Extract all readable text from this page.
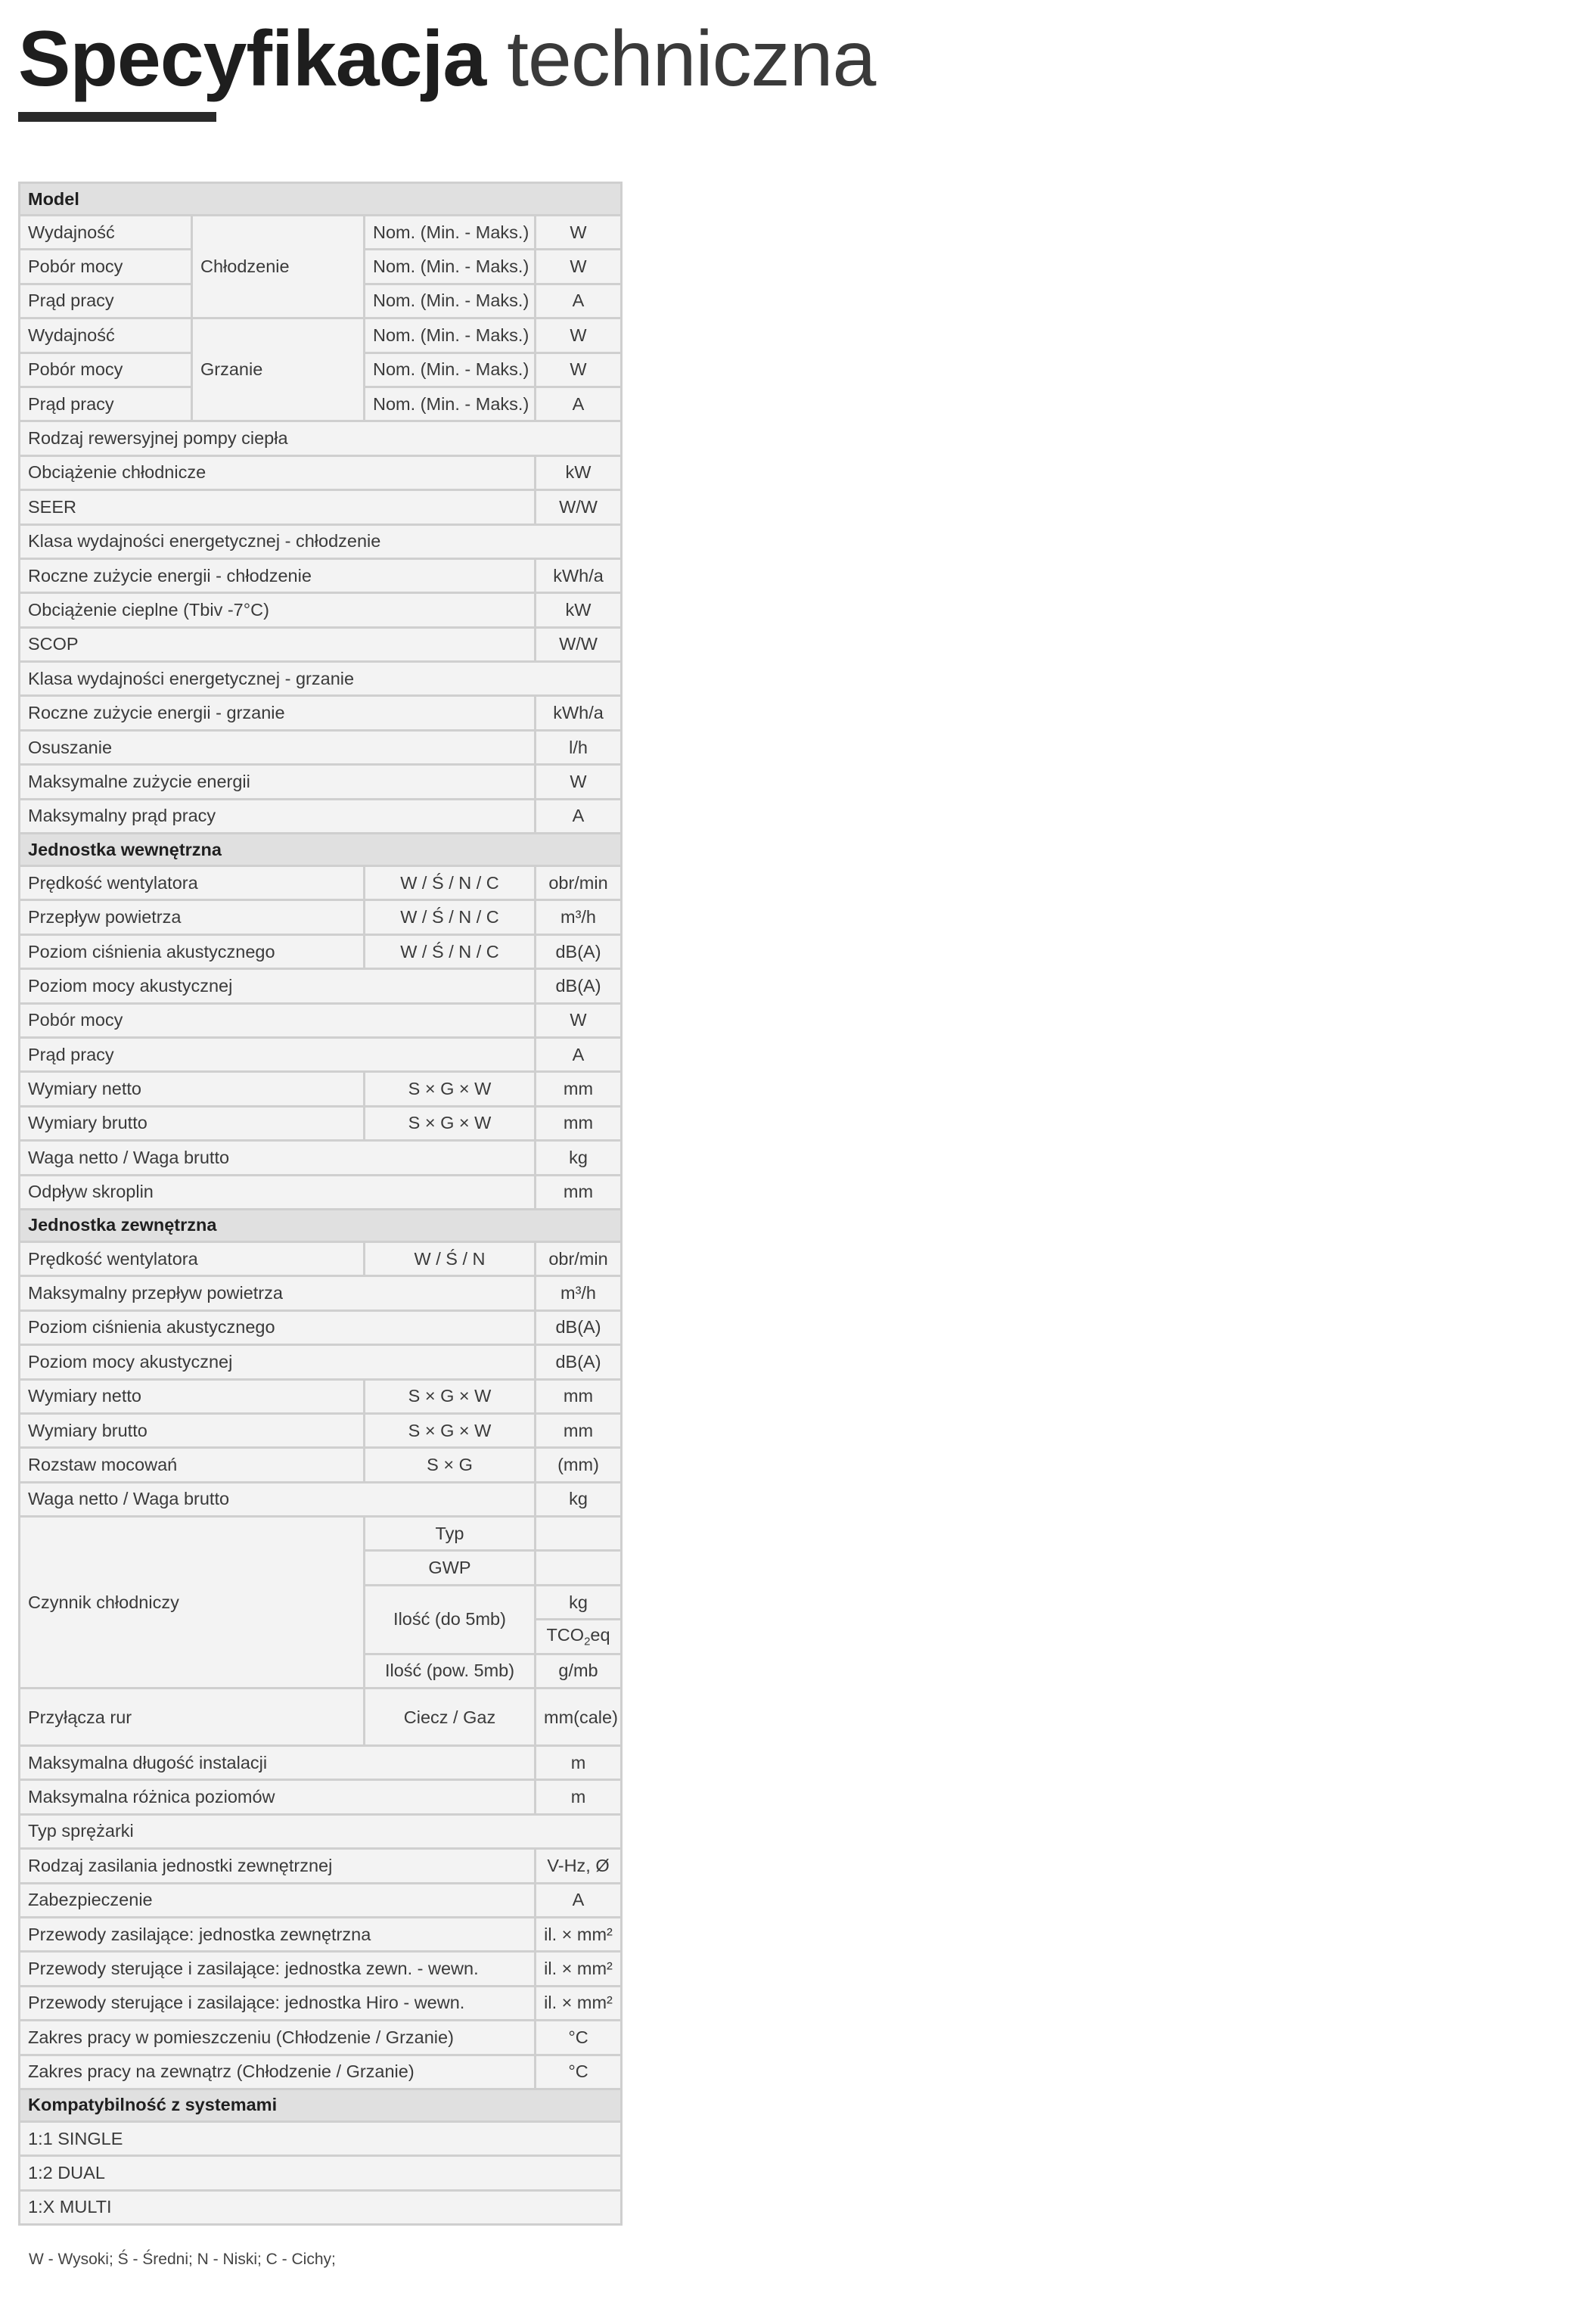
Specyfikacja techniczna
Model	
Wydajność	Chłodzenie	Nom. (Min. - Maks.)	W	
Pobór mocy		Nom. (Min. - Maks.)	W	
Prąd pracy		Nom. (Min. - Maks.)	A	
Wydajność	Grzanie	Nom. (Min. - Maks.)	W	
Pobór mocy		Nom. (Min. - Maks.)	W	
Prąd pracy		Nom. (Min. - Maks.)	A	
Rodzaj rewersyjnej pompy ciepła	
Obciążenie chłodnicze			kW	
SEER			W/W	
Klasa wydajności energetycznej - chłodzenie	
Roczne zużycie energii - chłodzenie			kWh/a	
Obciążenie cieplne (Tbiv -7°C)			kW	
SCOP			W/W	
Klasa wydajności energetycznej - grzanie	
Roczne zużycie energii - grzanie			kWh/a	
Osuszanie			l/h	
Maksymalne zużycie energii			W	
Maksymalny prąd pracy			A	
Jednostka wewnętrzna	
Prędkość wentylatora		W / Ś / N / C	obr/min	
Przepływ powietrza		W / Ś / N / C	m³/h	
Poziom ciśnienia akustycznego		W / Ś / N / C	dB(A)	
Poziom mocy akustycznej			dB(A)	
Pobór mocy			W	
Prąd pracy			A	
Wymiary netto		S × G × W	mm	
Wymiary brutto		S × G × W	mm	
Waga netto / Waga brutto			kg	
Odpływ skroplin			mm	
Jednostka zewnętrzna	
Prędkość wentylatora		W / Ś / N	obr/min	
Maksymalny przepływ powietrza			m³/h	
Poziom ciśnienia akustycznego			dB(A)	
Poziom mocy akustycznej			dB(A)	
Wymiary netto		S × G × W	mm	
Wymiary brutto		S × G × W	mm	
Rozstaw mocowań		S × G	(mm)	
Waga netto / Waga brutto			kg	
Czynnik chłodniczy		Typ		
		GWP		
		Ilość (do 5mb)	kg	
			$TCO_2eq$	
		Ilość (pow. 5mb)	g/mb	
Przyłącza rur		Ciecz / Gaz	mm(cale)	

Maksymalna długość instalacji			m	
Maksymalna różnica poziomów			m	
Typ sprężarki	
Rodzaj zasilania jednostki zewnętrznej			V-Hz, Ø	
Zabezpieczenie			A	
Przewody zasilające: jednostka zewnętrzna			il. × mm²	
Przewody sterujące i zasilające: jednostka zewn. - wewn.			il. × mm²	
Przewody sterujące i zasilające: jednostka Hiro - wewn.			il. × mm²	
Zakres pracy w pomieszczeniu (Chłodzenie / Grzanie)			°C	
Zakres pracy na zewnątrz (Chłodzenie / Grzanie)			°C	
Kompatybilność z systemami				
1:1 SINGLE				
1:2 DUAL				
1:X MULTI				
W - Wysoki; Ś - Średni; N - Niski; C - Cichy;
